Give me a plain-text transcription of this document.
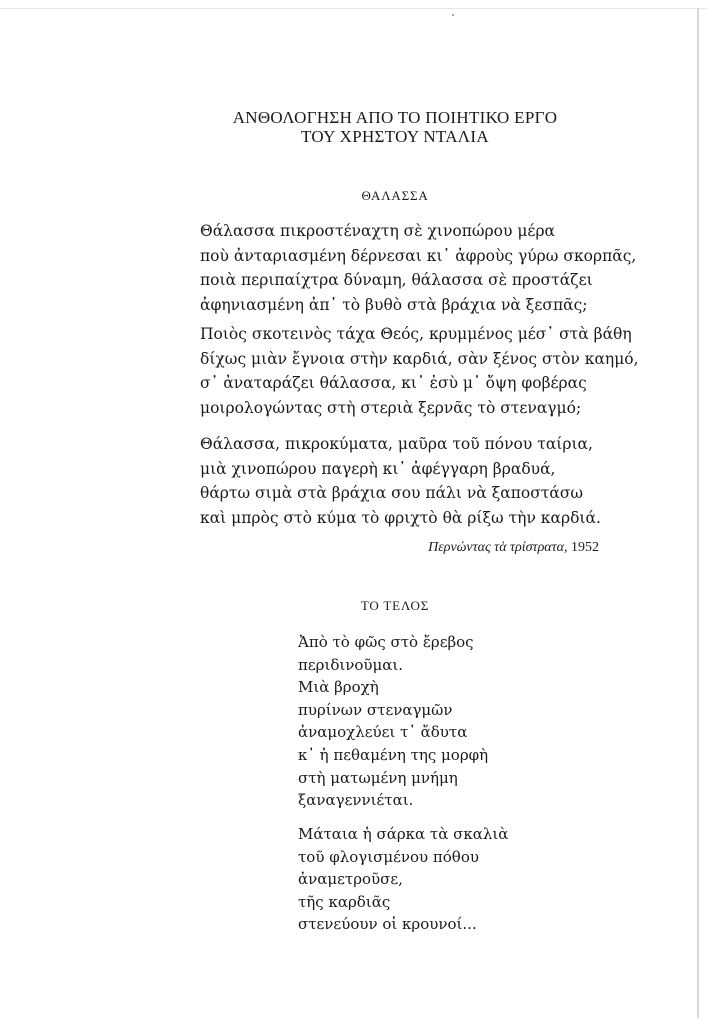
ΑΝΘΟΛΟΓΗΣΗ ΑΠΟ ΤΟ ΠΟΙΗΤΙΚΟ ΕΡΓΟ
ΤΟΥ ΧΡΗΣΤΟΥ ΝΤΑΛΙΑ
ΘΑΛΑΣΣΑ
Θάλασσα πικροστέναχτη σὲ χινοπώρου μέρα
ποὺ ἀνταριασμένη δέρνεσαι κι᾿ ἀφροὺς γύρω σκορπᾶς,
ποιὰ περιπαίχτρα δύναμη, θάλασσα σὲ προστάζει
ἀφηνιασμένη ἀπ᾿ τὸ βυθὸ στὰ βράχια νὰ ξεσπᾶς;
Ποιὸς σκοτεινὸς τάχα Θεός, κρυμμένος μέσ᾿ στὰ βάθη
δίχως μιὰν ἔγνοια στὴν καρδιά, σὰν ξένος στὸν καημό,
σ᾿ ἀναταράζει θάλασσα, κι᾿ ἐσὺ μ᾿ ὄψη φοβέρας
μοιρολογώντας στὴ στεριὰ ξερνᾶς τὸ στεναγμό;
Θάλασσα, πικροκύματα, μαῦρα τοῦ πόνου ταίρια,
μιὰ χινοπώρου παγερὴ κι᾿ ἀφέγγαρη βραδυά,
θάρτω σιμὰ στὰ βράχια σου πάλι νὰ ξαποστάσω
καὶ μπρὸς στὸ κύμα τὸ φριχτὸ θὰ ρίξω τὴν καρδιά.
Περνώντας τὰ τρίστρατα, 1952
ΤΟ ΤΕΛΟΣ
Ἀπὸ τὸ φῶς στὸ ἔρεβος
περιδινοῦμαι.
Μιὰ βροχὴ
πυρίνων στεναγμῶν
ἀναμοχλεύει τ᾿ ἄδυτα
κ᾿ ἡ πεθαμένη της μορφὴ
στὴ ματωμένη μνήμη
ξαναγεννιέται.
Μάταια ἡ σάρκα τὰ σκαλιὰ
τοῦ φλογισμένου πόθου
ἀναμετροῦσε,
τῆς καρδιᾶς
στενεύουν οἱ κρουνοί...
